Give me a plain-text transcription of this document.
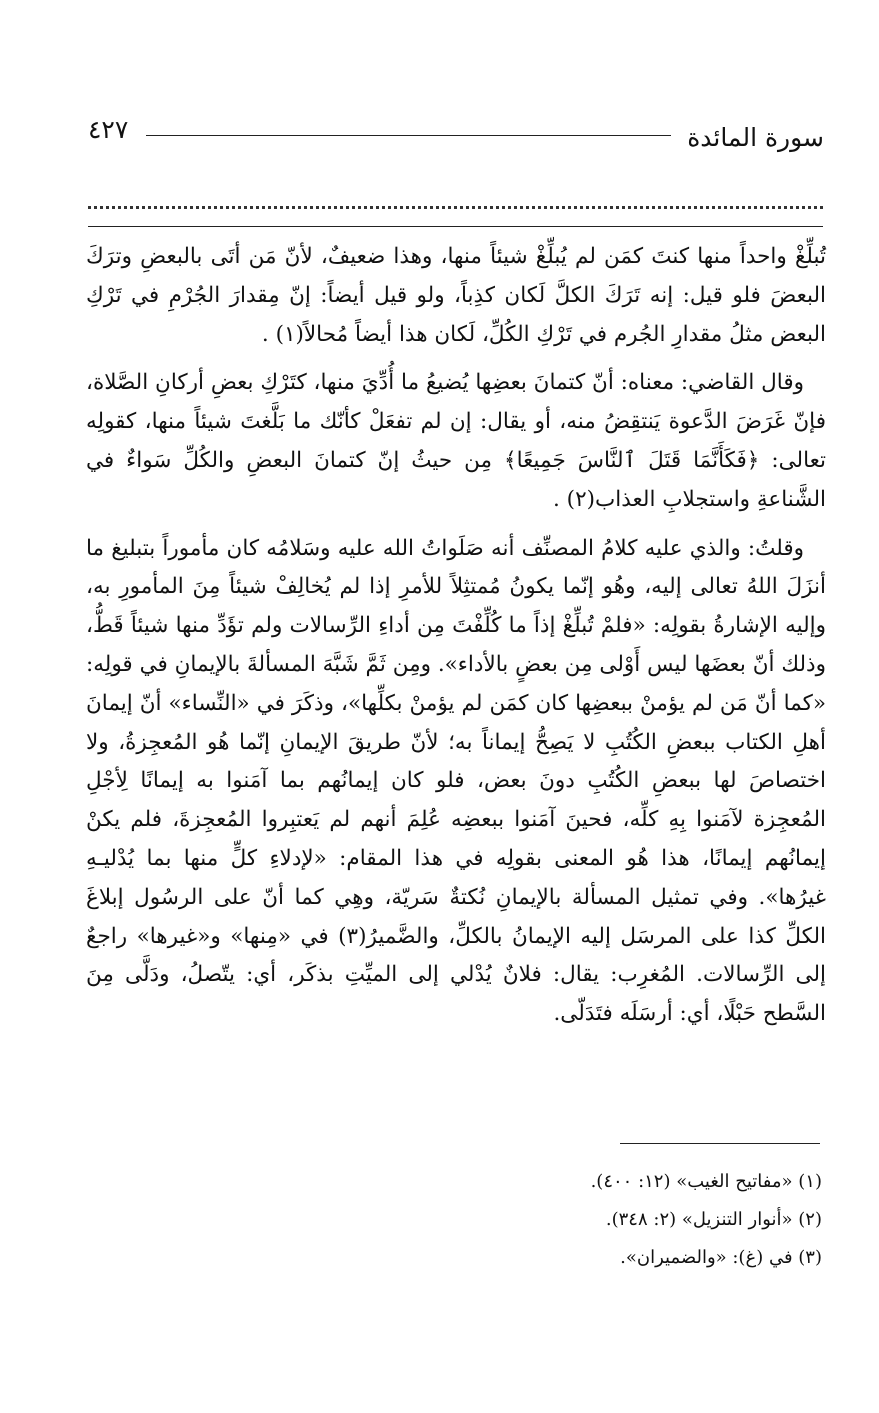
٤٢٧	سورة المائدة

تُبلِّغْ واحداً منها كنتَ كمَن لم يُبلِّغْ شيئاً منها، وهذا ضعيفٌ، لأنّ مَن أتَى بالبعضِ وترَكَ البعضَ فلو قيل: إنه تَرَكَ الكلَّ لَكان كذِباً، ولو قيل أيضاً: إنّ مِقدارَ الجُرْمِ في تَرْكِ البعض مثلُ مقدارِ الجُرم في تَرْكِ الكُلِّ، لَكان هذا أيضاً مُحالاً(١) .

وقال القاضي: معناه: أنّ كتمانَ بعضِها يُضيعُ ما أُدِّيَ منها، كتَرْكِ بعضِ أركانِ الصَّلاة، فإنّ غَرَضَ الدَّعوة يَنتقِضُ منه، أو يقال: إن لم تفعَلْ كأنّك ما بَلَّغتَ شيئاً منها، كقولِه تعالى: ﴿فَكَأَنَّمَا قَتَلَ ٱلنَّاسَ جَمِيعًا﴾ مِن حيثُ إنّ كتمانَ البعضِ والكُلِّ سَواءٌ في الشَّناعةِ واستجلابِ العذاب(٢) .

وقلتُ: والذي عليه كلامُ المصنِّف أنه صَلَواتُ الله عليه وسَلامُه كان مأموراً بتبليغ ما أنزَلَ اللهُ تعالى إليه، وهُو إنّما يكونُ مُمتثِلاً للأمرِ إذا لم يُخالِفْ شيئاً مِنَ المأمورِ به، وإليه الإشارةُ بقولِه: «فلمْ تُبلِّغْ إذاً ما كُلِّفْتَ مِن أداءِ الرِّسالات ولم تؤَدِّ منها شيئاً قَطُّ، وذلك أنّ بعضَها ليس أَوْلى مِن بعضٍ بالأداء». ومِن ثَمَّ شَبَّهَ المسألةَ بالإيمانِ في قولِه: «كما أنّ مَن لم يؤمنْ ببعضِها كان كمَن لم يؤمنْ بكلِّها»، وذكَرَ في «النِّساء» أنّ إيمانَ أهلِ الكتاب ببعضِ الكُتُبِ لا يَصِحُّ إيماناً به؛ لأنّ طريقَ الإيمانِ إنّما هُو المُعجِزةُ، ولا اختصاصَ لها ببعضِ الكُتُبِ دونَ بعض، فلو كان إيمانُهم بما آمَنوا به إيمانًا لِأجْلِ المُعجِزة لآمَنوا بِهِ كلِّه، فحينَ آمَنوا ببعضِه عُلِمَ أنهم لم يَعتبِروا المُعجِزةَ، فلم يكنْ إيمانُهم إيمانًا، هذا هُو المعنى بقولِه في هذا المقام: «لإدلاءِ كلٍّ منها بما يُدْليـهِ غيرُها». وفي تمثيل المسألة بالإيمانِ نُكتةٌ سَريّة، وهِي كما أنّ على الرسُول إبلاغَ الكلِّ كذا على المرسَل إليه الإيمانُ بالكلِّ، والضَّميرُ(٣) في «مِنها» و«غيرها» راجعٌ إلى الرِّسالات. المُغرِب: يقال: فلانٌ يُدْلي إلى الميِّتِ بذكَر، أي: يتّصلُ، ودَلَّى مِنَ السَّطح حَبْلًا، أي: أرسَلَه فتَدَلّى.

(١) «مفاتيح الغيب» (١٢: ٤٠٠).
(٢) «أنوار التنزيل» (٢: ٣٤٨).
(٣) في (غ): «والضميران».
